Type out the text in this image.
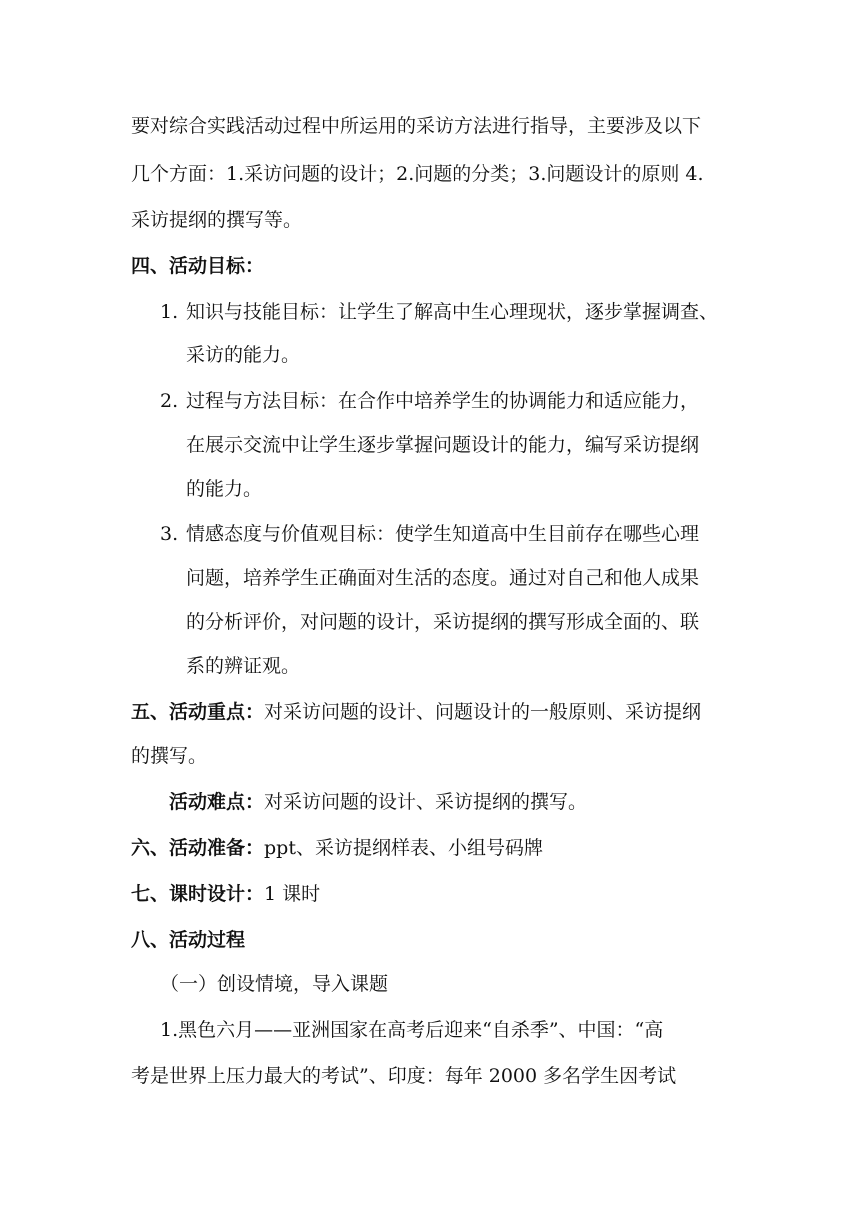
要对综合实践活动过程中所运用的采访方法进行指导，主要涉及以下
几个方面：1.采访问题的设计；2.问题的分类；3.问题设计的原则 4.
采访提纲的撰写等。
四、活动目标：
1. 知识与技能目标：让学生了解高中生心理现状，逐步掌握调查、
采访的能力。
2. 过程与方法目标：在合作中培养学生的协调能力和适应能力，
在展示交流中让学生逐步掌握问题设计的能力，编写采访提纲
的能力。
3. 情感态度与价值观目标：使学生知道高中生目前存在哪些心理
问题，培养学生正确面对生活的态度。通过对自己和他人成果
的分析评价，对问题的设计，采访提纲的撰写形成全面的、联
系的辨证观。
五、活动重点：对采访问题的设计、问题设计的一般原则、采访提纲
的撰写。
活动难点：对采访问题的设计、采访提纲的撰写。
六、活动准备：ppt、采访提纲样表、小组号码牌
七、课时设计：1 课时
八、活动过程
（一）创设情境，导入课题
1.黑色六月——亚洲国家在高考后迎来“自杀季”、中国：“高
考是世界上压力最大的考试”、印度：每年 2000 多名学生因考试
